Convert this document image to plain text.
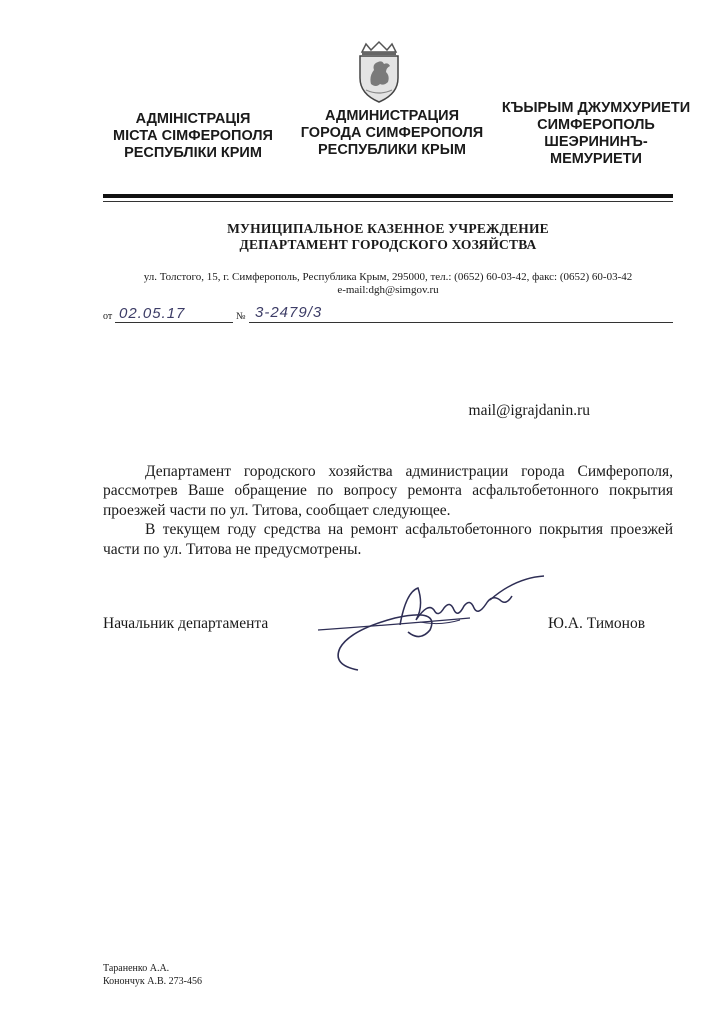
АДМІНІСТРАЦІЯ
МІСТА СІМФЕРОПОЛЯ
РЕСПУБЛІКИ КРИМ
АДМИНИСТРАЦИЯ
ГОРОДА СИМФЕРОПОЛЯ
РЕСПУБЛИКИ КРЫМ
КЪЫРЫМ ДЖУМХУРИЕТИ
СИМФЕРОПОЛЬ
ШЕЭРИНИНЪ-
МЕМУРИЕТИ
МУНИЦИПАЛЬНОЕ КАЗЕННОЕ УЧРЕЖДЕНИЕ
ДЕПАРТАМЕНТ ГОРОДСКОГО ХОЗЯЙСТВА
ул. Толстого, 15, г. Симферополь, Республика Крым, 295000, тел.: (0652) 60-03-42, факс: (0652) 60-03-42
e-mail:dgh@simgov.ru
от 02.05.17	№ 3-2479/3
mail@igrajdanin.ru

Департамент городского хозяйства администрации города Симферополя, рассмотрев Ваше обращение по вопросу ремонта асфальтобетонного покрытия проезжей части по ул. Титова, сообщает следующее.

В текущем году средства на ремонт асфальтобетонного покрытия проезжей части по ул. Титова не предусмотрены.

Начальник департамента	Ю.А. Тимонов
Тараненко А.А.
Конончук А.В. 273-456
